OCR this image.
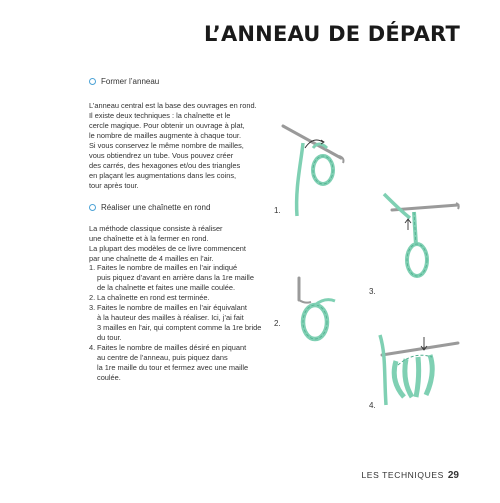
L’ANNEAU DE DÉPART
Former l’anneau

L’anneau central est la base des ouvrages en rond.
Il existe deux techniques : la chaînette et le
cercle magique. Pour obtenir un ouvrage à plat,
le nombre de mailles augmente à chaque tour.
Si vous conservez le même nombre de mailles,
vous obtiendrez un tube. Vous pouvez créer
des carrés, des hexagones et/ou des triangles
en plaçant les augmentations dans les coins,
tour après tour.

Réaliser une chaînette en rond

La méthode classique consiste à réaliser
une chaînette et à la fermer en rond.
La plupart des modèles de ce livre commencent
par une chaînette de 4 mailles en l’air.

1. Faites le nombre de mailles en l’air indiqué
puis piquez d’avant en arrière dans la 1re maille
de la chaînette et faites une maille coulée.
2. La chaînette en rond est terminée.
3. Faites le nombre de mailles en l’air équivalant
à la hauteur des mailles à réaliser. Ici, j’ai fait
3 mailles en l’air, qui comptent comme la 1re bride
du tour.
4. Faites le nombre de mailles désiré en piquant
au centre de l’anneau, puis piquez dans
la 1re maille du tour et fermez avec une maille
coulée.
1.
3.
2.
4.
LES TECHNIQUES 29
